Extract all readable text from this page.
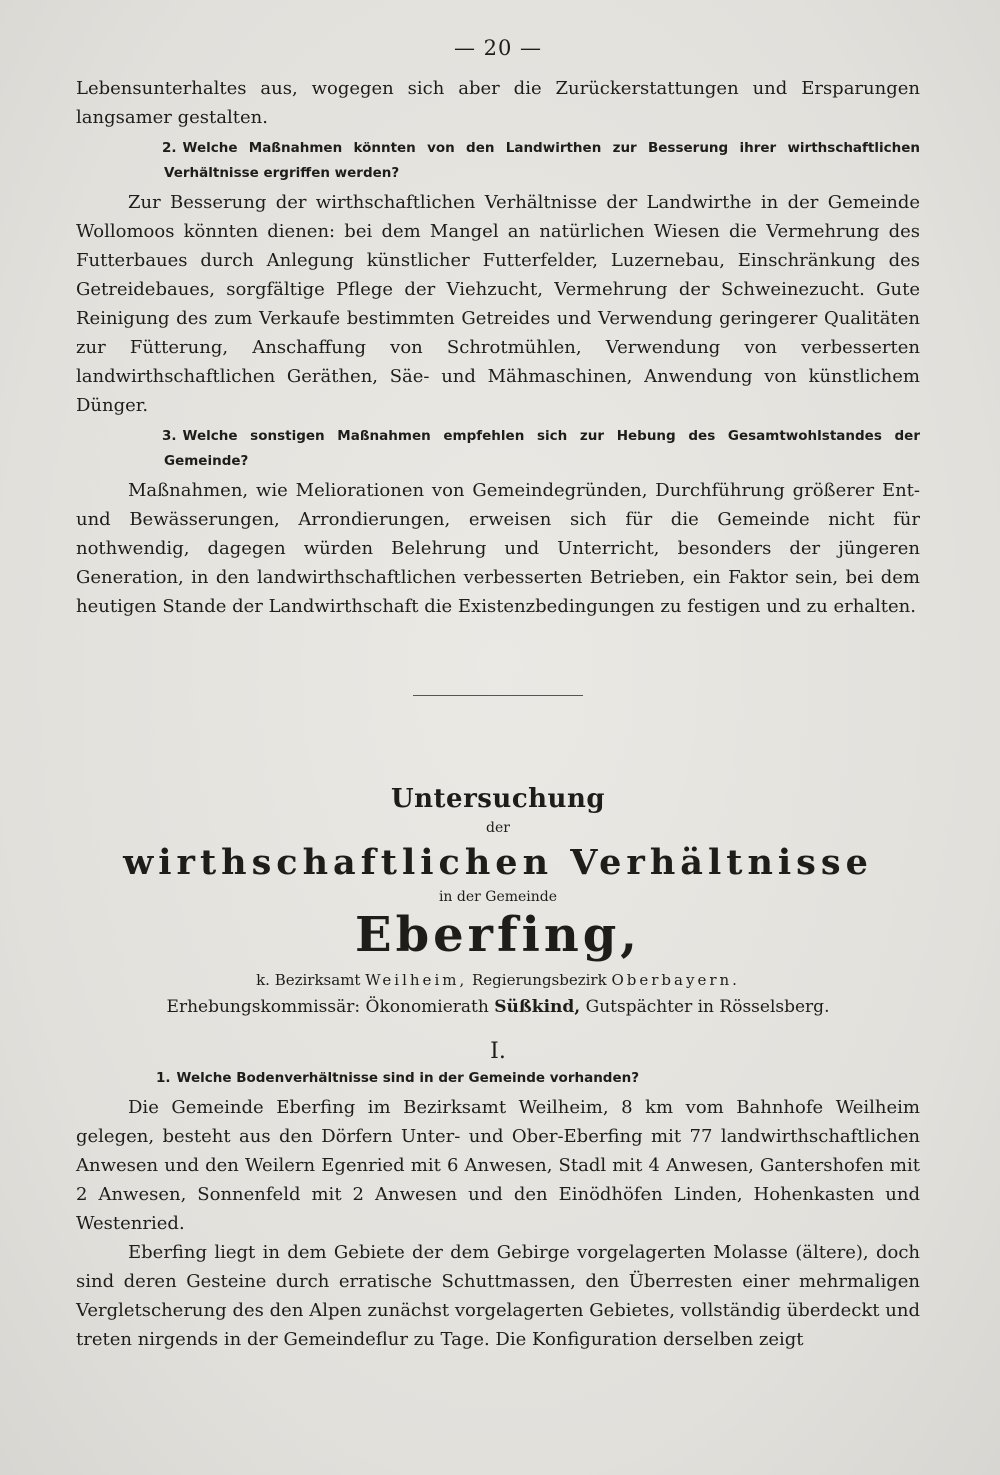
— 20 —

Lebensunterhaltes aus, wogegen sich aber die Zurückerstattungen und Ersparungen langsamer gestalten.

2. Welche Maßnahmen könnten von den Landwirthen zur Besserung ihrer wirthschaftlichen Verhältnisse ergriffen werden?

Zur Besserung der wirthschaftlichen Verhältnisse der Landwirthe in der Gemeinde Wollomoos könnten dienen: bei dem Mangel an natürlichen Wiesen die Vermehrung des Futterbaues durch Anlegung künstlicher Futterfelder, Luzernebau, Einschränkung des Getreidebaues, sorgfältige Pflege der Viehzucht, Vermehrung der Schweinezucht. Gute Reinigung des zum Verkaufe bestimmten Getreides und Verwendung geringerer Qualitäten zur Fütterung, Anschaffung von Schrotmühlen, Verwendung von verbesserten landwirthschaftlichen Geräthen, Säe- und Mähmaschinen, Anwendung von künstlichem Dünger.

3. Welche sonstigen Maßnahmen empfehlen sich zur Hebung des Gesamtwohlstandes der Gemeinde?

Maßnahmen, wie Meliorationen von Gemeindegründen, Durchführung größerer Ent- und Bewässerungen, Arrondierungen, erweisen sich für die Gemeinde nicht für nothwendig, dagegen würden Belehrung und Unterricht, besonders der jüngeren Generation, in den landwirthschaftlichen verbesserten Betrieben, ein Faktor sein, bei dem heutigen Stande der Landwirthschaft die Existenzbedingungen zu festigen und zu erhalten.

Untersuchung
der
wirthschaftlichen Verhältnisse
in der Gemeinde
Eberfing,
k. Bezirksamt Weilheim, Regierungsbezirk Oberbayern.
Erhebungskommissär: Ökonomierath Süßkind, Gutspächter in Rösselsberg.
I.
1. Welche Bodenverhältnisse sind in der Gemeinde vorhanden?

Die Gemeinde Eberfing im Bezirksamt Weilheim, 8 km vom Bahnhofe Weilheim gelegen, besteht aus den Dörfern Unter- und Ober-Eberfing mit 77 landwirthschaftlichen Anwesen und den Weilern Egenried mit 6 Anwesen, Stadl mit 4 Anwesen, Gantershofen mit 2 Anwesen, Sonnenfeld mit 2 Anwesen und den Einödhöfen Linden, Hohenkasten und Westenried.

Eberfing liegt in dem Gebiete der dem Gebirge vorgelagerten Molasse (ältere), doch sind deren Gesteine durch erratische Schuttmassen, den Überresten einer mehrmaligen Vergletscherung des den Alpen zunächst vorgelagerten Gebietes, vollständig überdeckt und treten nirgends in der Gemeindeflur zu Tage. Die Konfiguration derselben zeigt
